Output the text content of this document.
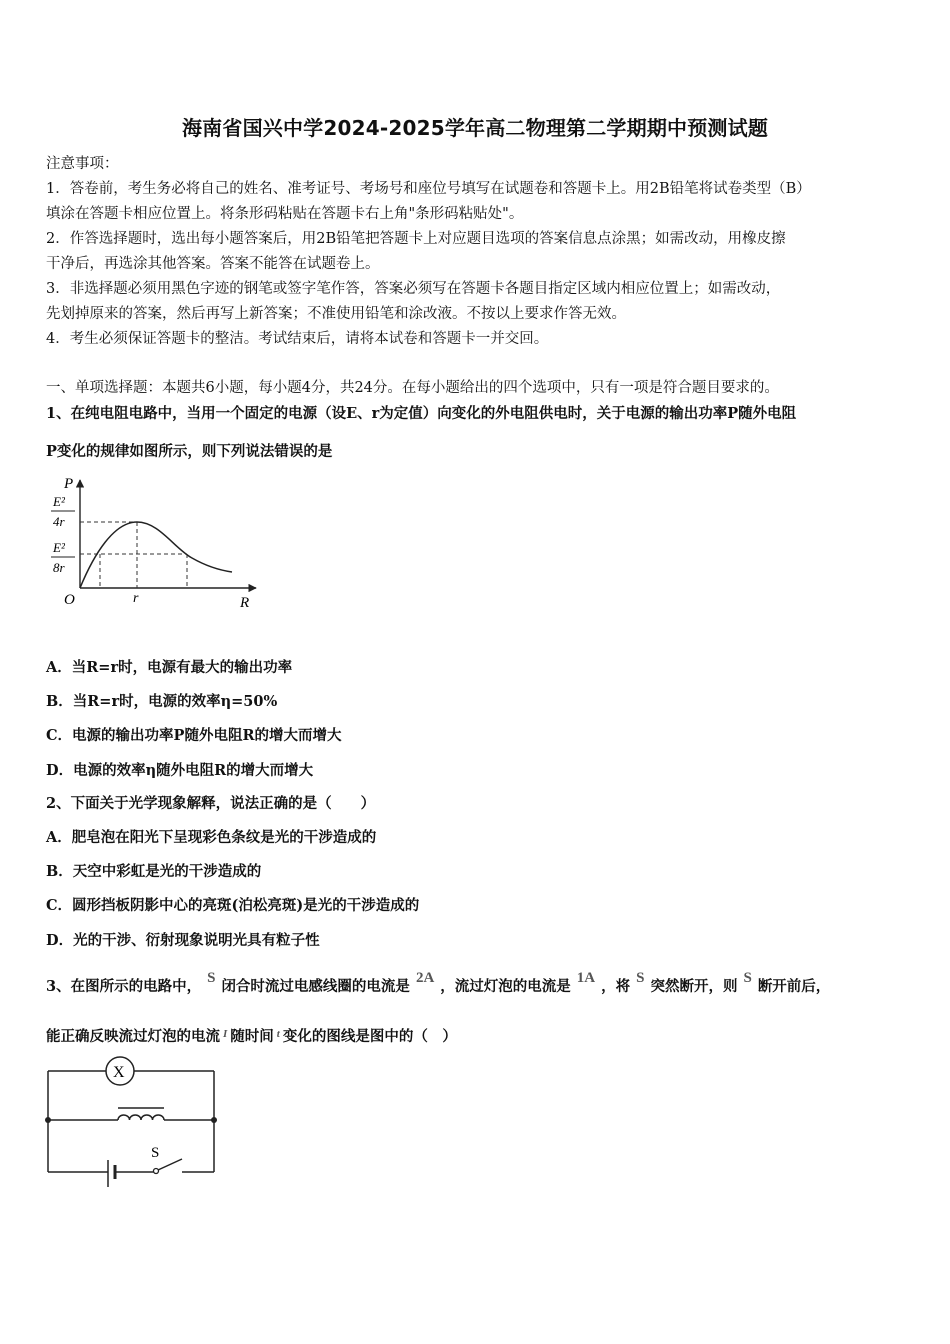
海南省国兴中学2024-2025学年高二物理第二学期期中预测试题
注意事项：
1．答卷前，考生务必将自己的姓名、准考证号、考场号和座位号填写在试题卷和答题卡上。用2B铅笔将试卷类型（B）
填涂在答题卡相应位置上。将条形码粘贴在答题卡右上角"条形码粘贴处"。
2．作答选择题时，选出每小题答案后，用2B铅笔把答题卡上对应题目选项的答案信息点涂黑；如需改动，用橡皮擦
干净后，再选涂其他答案。答案不能答在试题卷上。
3．非选择题必须用黑色字迹的钢笔或签字笔作答，答案必须写在答题卡各题目指定区域内相应位置上；如需改动，
先划掉原来的答案，然后再写上新答案；不准使用铅笔和涂改液。不按以上要求作答无效。
4．考生必须保证答题卡的整洁。考试结束后，请将本试卷和答题卡一并交回。
一、单项选择题：本题共6小题，每小题4分，共24分。在每小题给出的四个选项中，只有一项是符合题目要求的。
1、在纯电阻电路中，当用一个固定的电源（设E、r为定值）向变化的外电阻供电时，关于电源的输出功率P随外电阻
P变化的规律如图所示，则下列说法错误的是
P
R
O	r
E²
4r
E²
8r
A．当R=r时，电源有最大的输出功率
B．当R=r时，电源的效率η=50%
C．电源的输出功率P随外电阻R的增大而增大
D．电源的效率η随外电阻R的增大而增大
2、下面关于光学现象解释，说法正确的是（　　）
A．肥皂泡在阳光下呈现彩色条纹是光的干涉造成的
B．天空中彩虹是光的干涉造成的
C．圆形挡板阴影中心的亮斑(泊松亮斑)是光的干涉造成的
D．光的干涉、衍射现象说明光具有粒子性
3、在图所示的电路中， S 闭合时流过电感线圈的电流是 2A ，流过灯泡的电流是 1A ，将 S 突然断开，则 S 断开前后，
能正确反映流过灯泡的电流 $^I$ 随时间 $^t$ 变化的图线是图中的（　）
X
S
